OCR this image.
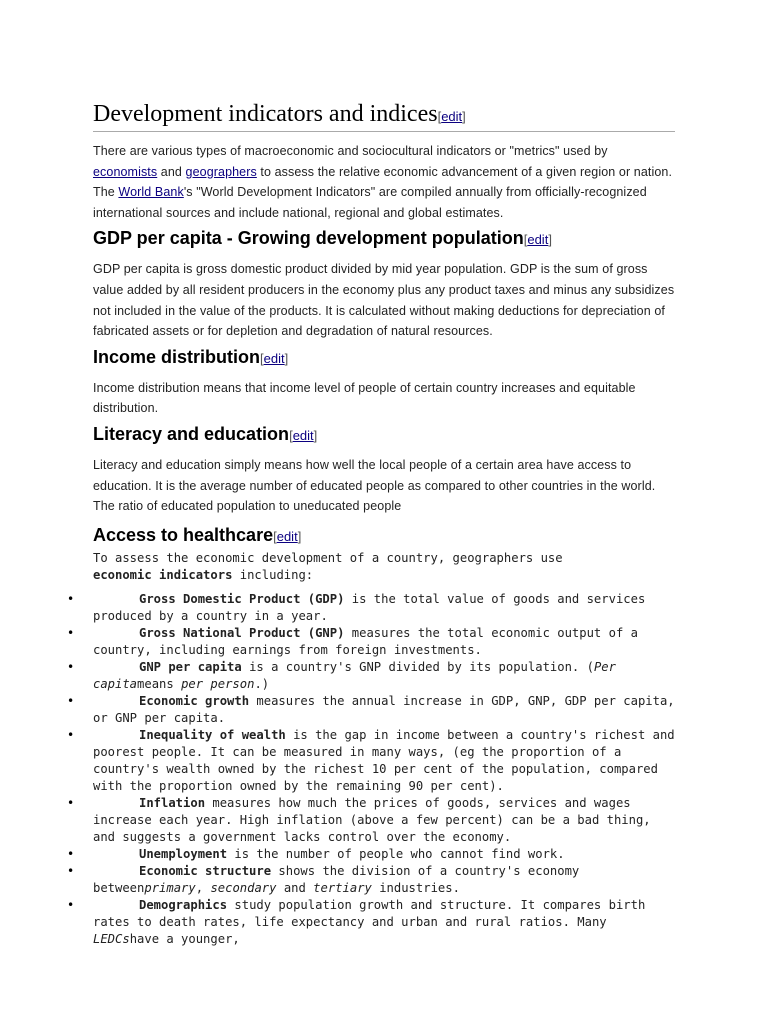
Development indicators and indices[edit]

There are various types of macroeconomic and sociocultural indicators or "metrics" used by economists and geographers to assess the relative economic advancement of a given region or nation. The World Bank's "World Development Indicators" are compiled annually from officially-recognized international sources and include national, regional and global estimates.

GDP per capita - Growing development population[edit]

GDP per capita is gross domestic product divided by mid year population. GDP is the sum of gross value added by all resident producers in the economy plus any product taxes and minus any subsidizes not included in the value of the products. It is calculated without making deductions for depreciation of fabricated assets or for depletion and degradation of natural resources.

Income distribution[edit]

Income distribution means that income level of people of certain country increases and equitable distribution.

Literacy and education[edit]

Literacy and education simply means how well the local people of a certain area have access to education. It is the average number of educated people as compared to other countries in the world. The ratio of educated population to uneducated people

Access to healthcare[edit]

To assess the economic development of a country, geographers use economic indicators including:

•	Gross Domestic Product (GDP) is the total value of goods and services produced by a country in a year.
•	Gross National Product (GNP) measures the total economic output of a country, including earnings from foreign investments.
•	GNP per capita is a country's GNP divided by its population. (Per capitameans per person.)
•	Economic growth measures the annual increase in GDP, GNP, GDP per capita, or GNP per capita.
•	Inequality of wealth is the gap in income between a country's richest and poorest people. It can be measured in many ways, (eg the proportion of a country's wealth owned by the richest 10 per cent of the population, compared with the proportion owned by the remaining 90 per cent).
•	Inflation measures how much the prices of goods, services and wages increase each year. High inflation (above a few percent) can be a bad thing, and suggests a government lacks control over the economy.
•	Unemployment is the number of people who cannot find work.
•	Economic structure shows the division of a country's economy betweenprimary, secondary and tertiary industries.
•	Demographics study population growth and structure. It compares birth rates to death rates, life expectancy and urban and rural ratios. Many LEDCshave a younger,
